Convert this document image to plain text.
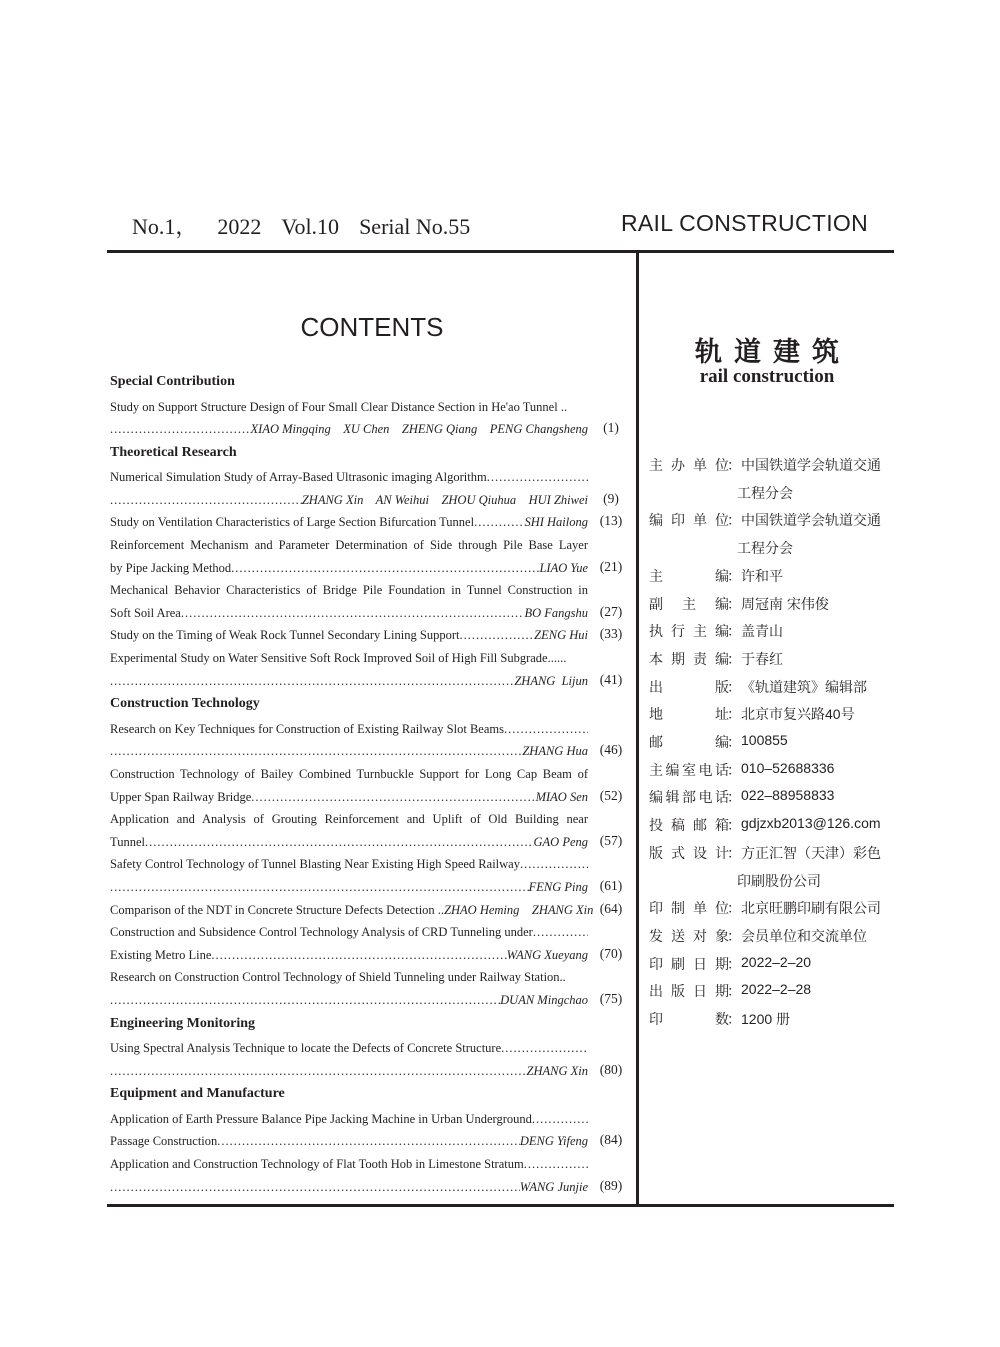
No.1， 2022 Vol.10 Serial No.55	RAIL CONSTRUCTION
CONTENTS
Special Contribution
Study on Support Structure Design of Four Small Clear Distance Section in He'ao Tunnel ..
.....
XIAO Mingqing    XU Chen    ZHENG Qiang    PENG Changsheng	(1)
Theoretical Research
Numerical Simulation Study of Array-Based Ultrasonic imaging Algorithm
.....
.....
ZHANG Xin    AN Weihui    ZHOU Qiuhua    HUI Zhiwei	(9)
Study on Ventilation Characteristics of Large Section Bifurcation Tunnel .....	SHI Hailong (13)
Reinforcement Mechanism and Parameter Determination of Side through Pile Base Layer
by Pipe Jacking Method .....	LIAO Yue (21)
Mechanical Behavior Characteristics of Bridge Pile Foundation in Tunnel Construction in
Soft Soil Area .....	BO Fangshu (27)
Study on the Timing of Weak Rock Tunnel Secondary Lining Support .....	ZENG Hui (33)
Experimental Study on Water Sensitive Soft Rock Improved Soil of High Fill Subgrade......
.....
ZHANG  Lijun (41)
Construction Technology
Research on Key Techniques for Construction of Existing Railway Slot Beams
.....
.....
ZHANG Hua (46)
Construction Technology of Bailey Combined Turnbuckle Support for Long Cap Beam of
Upper Span Railway Bridge .....	MIAO Sen (52)
Application and Analysis of Grouting Reinforcement and Uplift of Old Building near
Tunnel .....	GAO Peng (57)
Safety Control Technology of Tunnel Blasting Near Existing High Speed Railway
.....
.....
FENG Ping (61)
Comparison of the NDT in Concrete Structure Defects Detection .. ZHAO Heming    ZHANG Xin (64)
Construction and Subsidence Control Technology Analysis of CRD Tunneling under
.....
Existing Metro Line .....	WANG Xueyang (70)
Research on Construction Control Technology of Shield Tunneling under Railway Station..
.....
DUAN Mingchao (75)
Engineering Monitoring
Using Spectral Analysis Technique to locate the Defects of Concrete Structure
.....
.....
ZHANG Xin (80)
Equipment and Manufacture
Application of Earth Pressure Balance Pipe Jacking Machine in Urban Underground
.....
Passage Construction .....	DENG Yifeng (84)
Application and Construction Technology of Flat Tooth Hob in Limestone Stratum
.....
.....
WANG Junjie (89)
轨道建筑
rail construction
主办单位
： 中国铁道学会轨道交通
工程分会
编印单位
： 中国铁道学会轨道交通
工程分会
主编
： 许和平
副主编
： 周冠南 宋伟俊
执行主编
： 盖青山
本期责编
： 于春红
出版
： 《轨道建筑》编辑部
地址
： 北京市复兴路40号
邮编
： 100855
主编室电话
： 010–52688336
编辑部电话
： 022–88958833
投稿邮箱
： gdjzxb2013@126.com
版式设计
： 方正汇智（天津）彩色
印刷股份公司
印制单位
： 北京旺鹏印刷有限公司
发送对象
： 会员单位和交流单位
印刷日期
： 2022–2–20
出版日期
： 2022–2–28
印数
： 1200 册
